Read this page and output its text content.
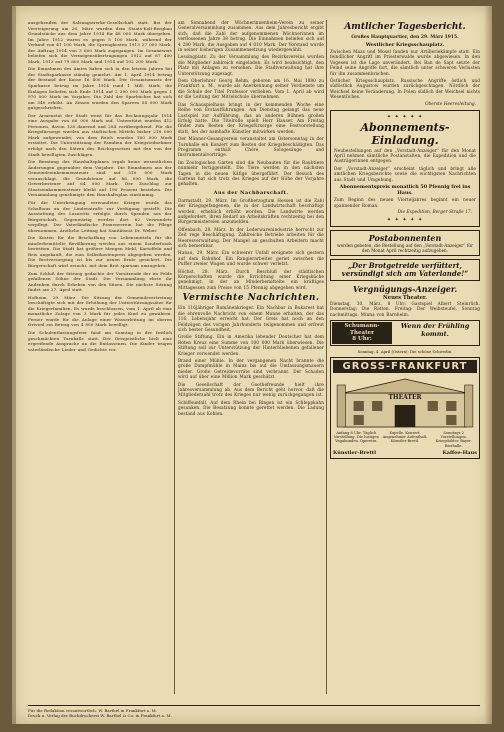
ausgehenden der Salzungswerke-Gesellschaft statt. Bei der Versteigerung am 26. März wurden dem Staats-Kali-Bergbau Grundstücke aus dem Jahre 1914 für 48 000 Mark übergeben. Im Jahre 1912 waren es gegen 5 100 Mark, während der Verkauf von 41 100 Mark, die Sprengkosten 1913 27 000 Mark, der Auftrag 1914 von 3 600 Mark zugegangen. Im Gesamtwert beliefen sich die Vermögensübertragungen 1912 auf 87 400 Mark, 1913 auf 79 800 Mark und 1914 auf 102 200 Mark.

Die Einnahmen des Amtes haben sich in den letzten Jahren bei der Stadtsparkasse ständig gemehrt. Am 1. April 1914 betrug der Bestand der Kasse 16 400 Mark. Der Gesamtumsatz der Sparkasse betrug im Jahre 1914 rund 1 Mill. Mark, die Einlagen beliefen sich Ende 1914 auf 2 390 000 Mark gegen 1 970 000 Mark im Vorjahre. Die Zahl der Sparbücher hat sich um 540 erhöht. An Zinsen wurden den Sparern 54 000 Mark gutgeschrieben.

Der Armenetat der Stadt weist für das Rechnungsjahr 1914 eine Ausgabe von 66 000 Mark auf. Unterstützt wurden 412 Personen, davon 128 dauernd und 284 vorübergehend. Für die Kriegsfürsorge wurden aus städtischen Mitteln bisher 218 000 Mark aufgewendet; von dem Reich wurden 160 000 Mark erstattet. Die Unterstützung der Familien der Kriegsteilnehmer erfolgt nach den Sätzen des Reichsgesetzes mit den von der Stadt bewilligten Zuschlägen.

Die Beratung des Haushaltsplanes ergab keine wesentlichen Änderungen gegenüber dem Vorjahre. Die Einnahmen aus der Gemeindeeinkommensteuer sind auf 510 000 Mark veranschlagt, die Grundsteuer auf 86 000 Mark, die Gewerbesteuer auf 64 000 Mark. Der Zuschlag zur Staatseinkommensteuer bleibt auf 190 Prozent bestehen. Die Versammlung genehmigte den Haushaltsplan einstimmig.

Für die Unterbringung verwundeter Krieger wurde das Schulhaus an der Lindenstraße zur Verfügung gestellt. Die Ausstattung des Lazaretts erfolgte durch Spenden aus der Bürgerschaft. Gegenwärtig werden dort 62 Verwundete verpflegt. Der Vaterländische Frauenverein hat die Pflege übernommen. Ärztliche Leitung hat Sanitätsrat Dr. Weber.

Die Kosten für die Beschaffung von Lebensmitteln für die minderbemittelte Bevölkerung werden aus einem Sonderfonds bestritten. Die Stadt hat größere Mengen Mehl, Kartoffeln und Reis angekauft, die zum Selbstkostenpreis abgegeben werden. Die Brotversorgung ist bis zur neuen Ernte gesichert. Die Bürgerschaft wird ersucht, mit dem Brot sparsam umzugehen.

Zum Schluß der Sitzung gedachte der Vorsitzende der im Felde gefallenen Söhne der Stadt. Die Versammlung ehrte ihr Andenken durch Erheben von den Sitzen. Die nächste Sitzung findet am 27. April statt.

Hofheim, 29. März. Die Sitzung der Gemeindevertretung beschäftigte sich mit der Erhöhung der Unterstützungssätze für die Kriegerfamilien. Es wurde beschlossen, vom 1. April ab eine monatliche Zulage von 3 Mark für jedes Kind zu gewähren. Ferner wurde für die Anlage einer Wasserleitung im oberen Ortsteil ein Betrag von 4 800 Mark bewilligt.

Die Schulentlassungsfeier fand am Sonntag in der festlich geschmückten Turnhalle statt. Der Ortsgeistliche hielt eine ergreifende Ansprache an die Entlassenen. Die Kinder trugen vaterländische Lieder und Gedichte vor.

am Sonnabend der Wöchnerinnenheim-Verein zu seiner Generalversammlung zusammen. Aus dem Jahresbericht ergibt sich, daß die Zahl der aufgenommenen Wöchnerinnen im verflossenen Jahre 38 betrug. Die Einnahmen beliefen sich auf 4 280 Mark, die Ausgaben auf 4 010 Mark. Der Vorstand wurde in seiner bisherigen Zusammensetzung wiedergewählt.

Lessingplatz. Zu der Versammlung des Bezirksvereins wurden die Mitglieder zahlreich eingeladen. Es wird beabsichtigt, den Platz mit Anlagen zu versehen. Die Stadtverwaltung hat ihre Unterstützung zugesagt.

Dem Oberlehrer Georg Rehm, geboren am 16. Mai 1880 zu Frankfurt a. M., wurde als Anerkennung seiner Verdienste um die Schule der Titel Professor verliehen. Vom 1. April ab wird er die Leitung der Mittelschule übernehmen.

Das Schauspielhaus bringt in der kommenden Woche eine Reihe von Erstaufführungen. Am Dienstag gelangt das neue Lustspiel zur Aufführung, das an anderen Bühnen großen Erfolg hatte. Die Titelrolle spielt Herr Hauser. Am Freitag findet zum Besten der Kriegsfürsorge eine Festvorstellung statt, bei der namhafte Künstler mitwirken werden.

Der Männer-Gesangverein veranstaltet am Ostersonntag in der Turnhalle ein Konzert zum Besten der Kriegsbeschädigten. Das Programm enthält Chöre, Sologesänge und Instrumentalvorträge.

Im Zoologischen Garten sind die Neubauten für die Raubtiere nunmehr fertiggestellt. Die Tiere werden in den nächsten Tagen in die neuen Käfige übergeführt. Der Besuch des Gartens hat sich trotz des Krieges auf der Höhe der Vorjahre gehalten.

Aus der Nachbarschaft.

Darmstadt, 29. März. Im Großherzogtum Hessen ist die Zahl der Kriegsgefangenen, die in der Landwirtschaft beschäftigt werden, erheblich erhöht worden. Die Landwirte werden aufgefordert, ihren Bedarf an Arbeitskräften rechtzeitig bei den Bürgermeistereien anzumelden.

Offenbach, 28. März. In der Lederwarenindustrie herrscht zur Zeit rege Beschäftigung. Zahlreiche Betriebe arbeiten für die Heeresverwaltung. Der Mangel an geschulten Arbeitern macht sich bemerkbar.

Hanau, 29. März. Ein schwerer Unfall ereignete sich gestern auf dem Bahnhof. Ein Rangierarbeiter geriet zwischen die Puffer zweier Wagen und wurde schwer verletzt.

Höchst, 28. März. Durch Beschluß der städtischen Körperschaften wurde die Errichtung einer Kriegsküche genehmigt, in der an Minderbemittelte ein kräftiges Mittagessen zum Preise von 15 Pfennig abgegeben wird.

Vermischte Nachrichten.

Ein 116jähriger Rumänenkrieger. Ein Nachbar in Bukarest hat die ehrenvolle Nachricht von einem Manne erhalten, der das 116. Lebensjahr erreicht hat. Der Greis hat noch an den Feldzügen des vorigen Jahrhunderts teilgenommen und erfreut sich bester Gesundheit.

Große Stiftung. Ein in Amerika lebender Deutscher hat dem Roten Kreuz eine Summe von 100 000 Mark überwiesen. Die Stiftung soll zur Unterstützung der Hinterbliebenen gefallener Krieger verwendet werden.

Brand einer Mühle. In der vergangenen Nacht brannte die große Dampfmühle in Mainz bis auf die Umfassungsmauern nieder. Große Getreidevorräte sind verbrannt. Der Schaden wird auf über eine Million Mark geschätzt.

Die Gesellschaft der Goethefreunde hielt ihre Jahresversammlung ab. Aus dem Bericht geht hervor, daß die Mitgliederzahl trotz des Krieges nur wenig zurückgegangen ist.

Schiffsunfall. Auf dem Rhein bei Bingen ist ein Schleppkahn gesunken. Die Besatzung konnte gerettet werden. Die Ladung bestand aus Kohlen.

Amtlicher Tagesbericht.
Großes Hauptquartier, den 29. März 1915.
Westlicher Kriegsschauplatz.

Zwischen Maas und Mosel fanden nur Artilleriekämpfe statt. Ein feindlicher Angriff im Priesterwalde wurde abgewiesen. In den Vogesen ist die Lage unverändert. Bei Ban de Sapt setzte der Feind seine Angriffe fort, die sämtlich unter schweren Verlusten für ihn zusammenbrachen.

Östlicher Kriegsschauplatz. Russische Angriffe östlich und südöstlich Augustow wurden zurückgeschlagen. Nördlich der Weichsel keine Veränderung. In Polen südlich der Weichsel nichts Wesentliches.

Oberste Heeresleitung.
✦ ✦ ✦ ✦ ✦
Abonnements-Einladung.

Neubestellungen auf den „Vorstadt-Anzeiger“ für den Monat April nehmen sämtliche Postanstalten, die Expedition und die Austrägerinnen entgegen.

Der „Vorstadt-Anzeiger“ erscheint täglich und bringt alle amtlichen Kriegsberichte sowie die wichtigsten Nachrichten aus Stadt und Umgebung.

Abonnementspreis monatlich 50 Pfennig frei ins Haus.

Zum Beginn des neuen Vierteljahres beginnt ein neuer spannender Roman.

Die Expedition, Berger-Straße 17.
✦ ✦ ✦ ✦ ✦
Postabonnenten
werden gebeten, die Bestellung auf den „Vorstadt-Anzeiger“ für den Monat April rechtzeitig aufzugeben.
„Der Brotgetreide verfüttert, versündigt sich am Vaterlande!“
Vergnügungs-Anzeiger.
Neues Theater.

Dienstag, 30. März, 8 Uhr: Gastspiel Albert Steinrück. Donnerstag: Die Ratten. Freitag: Der Weibsteufel. Sonntag nachmittags: Minna von Barnhelm.

Schumann-Theater
8 Uhr:
Wenn der Frühling kommt.
Sonntag, 4. April (Ostern): Die schöne Schwedin.
GROSS-FRANKFURT
THEATER
Anfang 8 Uhr. Täglich Vorstellung. Die lustigen Vagabunden. Operette.
Kapelle. Konzert. Angenehmer Aufenthalt. Künstler-Brettl.
Sonntags 2 Vorstellungen. Kriegsbilder. Bayer. Bierhalle.
Künstler-Brettl	Kaffee-Haus
Für die Redaktion verantwortlich: W. Barthel in Frankfurt a. M.
Druck u. Verlag der Buchdruckerei W. Barthel & Co. in Frankfurt a. M.
